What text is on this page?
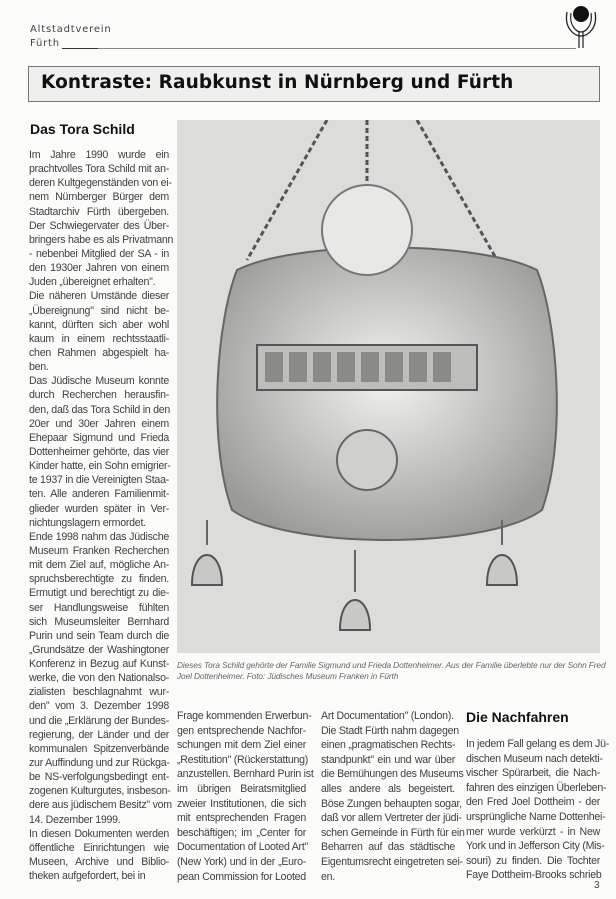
Altstadtverein
Fürth
Kontraste: Raubkunst in Nürnberg und Fürth
Das Tora Schild
Im Jahre 1990 wurde ein
prachtvolles Tora Schild mit an-
deren Kultgegenständen von ei-
nem Nürnberger Bürger dem
Stadtarchiv Fürth übergeben.
Der Schwiegervater des Über-
bringers habe es als Privatmann
- nebenbei Mitglied der SA - in
den 1930er Jahren von einem
Juden „übereignet erhalten".
Die näheren Umstände dieser
„Übereignung" sind nicht be-
kannt, dürften sich aber wohl
kaum in einem rechtsstaatli-
chen Rahmen abgespielt ha-
ben.
Das Jüdische Museum konnte
durch Recherchen herausfin-
den, daß das Tora Schild in den
20er und 30er Jahren einem
Ehepaar Sigmund und Frieda
Dottenheimer gehörte, das vier
Kinder hatte, ein Sohn emigrier-
te 1937 in die Vereinigten Staa-
ten. Alle anderen Familienmit-
glieder wurden später in Ver-
nichtungslagern ermordet.
Ende 1998 nahm das Jüdische
Museum Franken Recherchen
mit dem Ziel auf, mögliche An-
spruchsberechtigte zu finden.
Ermutigt und berechtigt zu die-
ser Handlungsweise fühlten
sich Museumsleiter Bernhard
Purin und sein Team durch die
„Grundsätze der Washingtoner
Konferenz in Bezug auf Kunst-
werke, die von den Nationalso-
zialisten beschlagnahmt wur-
den" vom 3. Dezember 1998
und die „Erklärung der Bundes-
regierung, der Länder und der
kommunalen Spitzenverbände
zur Auffindung und zur Rückga-
be NS-verfolgungsbedingt ent-
zogenen Kulturgutes, insbeson-
dere aus jüdischem Besitz" vom
14. Dezember 1999.
In diesen Dokumenten werden
öffentliche Einrichtungen wie
Museen, Archive und Biblio-
theken aufgefordert, bei in
Dieses Tora Schild gehörte der Familie Sigmund und Frieda Dottenheimer. Aus der Familie überlebte nur der Sohn Fred
Joel Dottenheimer. Foto: Jüdisches Museum Franken in Fürth
Frage kommenden Erwerbun-
gen entsprechende Nachfor-
schungen mit dem Ziel einer
„Restitution" (Rückerstattung)
anzustellen. Bernhard Purin ist
im übrigen Beiratsmitglied
zweier Institutionen, die sich
mit entsprechenden Fragen
beschäftigen; im „Center for
Documentation of Looted Art"
(New York) und in der „Euro-
pean Commission for Looted
Art Documentation" (London).
Die Stadt Fürth nahm dagegen
einen „pragmatischen Rechts-
standpunkt" ein und war über
die Bemühungen des Museums
alles andere als begeistert.
Böse Zungen behaupten sogar,
daß vor allem Vertreter der jüdi-
schen Gemeinde in Fürth für ein
Beharren auf das städtische
Eigentumsrecht eingetreten sei-
en.
Die Nachfahren
In jedem Fall gelang es dem Jü-
dischen Museum nach detekti-
vischer Spürarbeit, die Nach-
fahren des einzigen Überleben-
den Fred Joel Dottheim - der
ursprüngliche Name Dottenhei-
mer wurde verkürzt - in New
York und in Jefferson City (Mis-
souri) zu finden. Die Tochter
Faye Dottheim-Brooks schrieb
3
